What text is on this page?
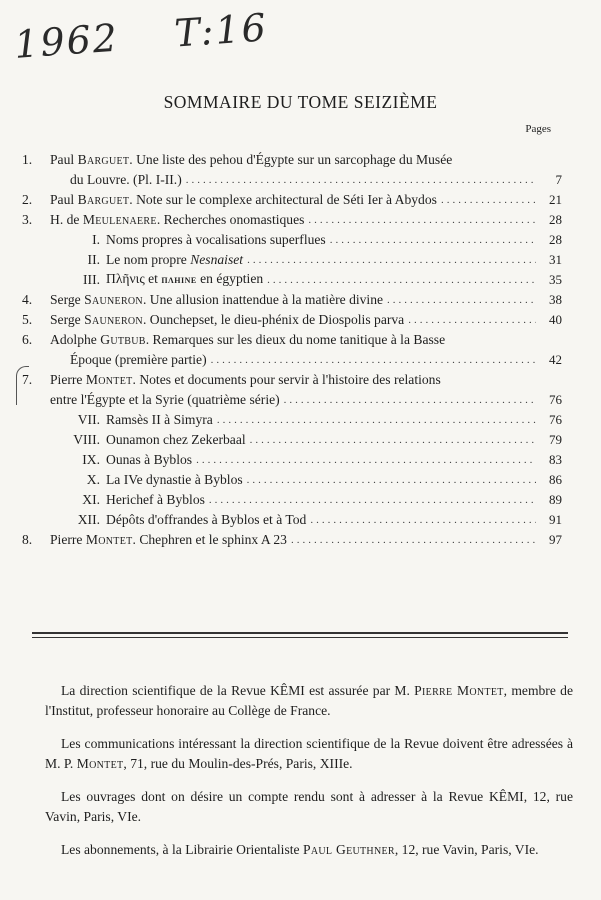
1962 T:16
SOMMAIRE DU TOME SEIZIÈME
Pages
1.	Paul Barguet. Une liste des pehou d'Égypte sur un sarcophage du Musée
du Louvre. (Pl. I-II.) .....	7
2.	Paul Barguet. Note sur le complexe architectural de Séti Ier à Abydos .....	21
3.	H. de Meulenaere. Recherches onomastiques .....	28
I. Noms propres à vocalisations superflues .....	28
II. Le nom propre Nesnaiset .....	31
III. Πλῆνις et πληινε en égyptien .....	35
4.	Serge Sauneron. Une allusion inattendue à la matière divine .....	38
5.	Serge Sauneron. Ounchepset, le dieu-phénix de Diospolis parva .....	40
6.	Adolphe Gutbub. Remarques sur les dieux du nome tanitique à la Basse
Époque (première partie) .....	42
7.	Pierre Montet. Notes et documents pour servir à l'histoire des relations
entre l'Égypte et la Syrie (quatrième série) .....	76
VII. Ramsès II à Simyra .....	76
VIII. Ounamon chez Zekerbaal .....	79
IX. Ounas à Byblos .....	83
X. La IVe dynastie à Byblos .....	86
XI. Herichef à Byblos .....	89
XII. Dépôts d'offrandes à Byblos et à Tod .....	91
8.	Pierre Montet. Chephren et le sphinx A 23 .....	97

La direction scientifique de la Revue KÊMI est assurée par M. Pierre Montet, membre de l'Institut, professeur honoraire au Collège de France.

Les communications intéressant la direction scientifique de la Revue doivent être adressées à M. P. Montet, 71, rue du Moulin-des-Prés, Paris, XIIIe.

Les ouvrages dont on désire un compte rendu sont à adresser à la Revue KÊMI, 12, rue Vavin, Paris, VIe.

Les abonnements, à la Librairie Orientaliste Paul Geuthner, 12, rue Vavin, Paris, VIe.
